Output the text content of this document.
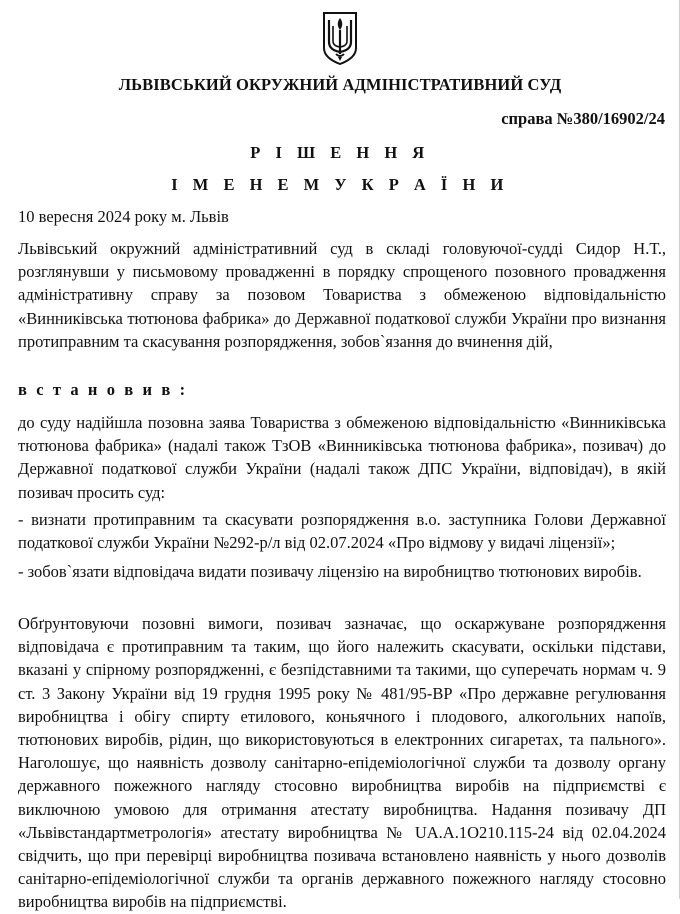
ЛЬВІВСЬКИЙ ОКРУЖНИЙ АДМІНІСТРАТИВНИЙ СУД
справа №380/16902/24
Р І Ш Е Н Н Я
І М Е Н Е М У К Р А Ї Н И
10 вересня 2024 року м. Львів

Львівський окружний адміністративний суд в складі головуючої-судді Сидор Н.Т., розглянувши у письмовому провадженні в порядку спрощеного позовного провадження адміністративну справу за позовом Товариства з обмеженою відповідальністю «Винниківська тютюнова фабрика» до Державної податкової служби України про визнання протиправним та скасування розпорядження, зобов`язання до вчинення дій,

в с т а н о в и в :

до суду надійшла позовна заява Товариства з обмеженою відповідальністю «Винниківська тютюнова фабрика» (надалі також ТзОВ «Винниківська тютюнова фабрика», позивач) до Державної податкової служби України (надалі також ДПС України, відповідач), в якій позивач просить суд:

- визнати протиправним та скасувати розпорядження в.о. заступника Голови Державної податкової служби України №292-р/л від 02.07.2024 «Про відмову у видачі ліцензії»;

- зобов`язати відповідача видати позивачу ліцензію на виробництво тютюнових виробів.

Обґрунтовуючи позовні вимоги, позивач зазначає, що оскаржуване розпорядження відповідача є протиправним та таким, що його належить скасувати, оскільки підстави, вказані у спірному розпорядженні, є безпідставними та такими, що суперечать нормам ч. 9 ст. 3 Закону України від 19 грудня 1995 року № 481/95-ВР «Про державне регулювання виробництва і обігу спирту етилового, коньячного і плодового, алкогольних напоїв, тютюнових виробів, рідин, що використовуються в електронних сигаретах, та пального». Наголошує, що наявність дозволу санітарно-епідеміологічної служби та дозволу органу державного пожежного нагляду стосовно виробництва виробів на підприємстві є виключною умовою для отримання атестату виробництва. Надання позивачу ДП «Львівстандартметрологія» атестату виробництва № UA.A.1O210.115-24 від 02.04.2024 свідчить, що при перевірці виробництва позивача встановлено наявність у нього дозволів санітарно-епідеміологічної служби та органів державного пожежного нагляду стосовно виробництва виробів на підприємстві.
